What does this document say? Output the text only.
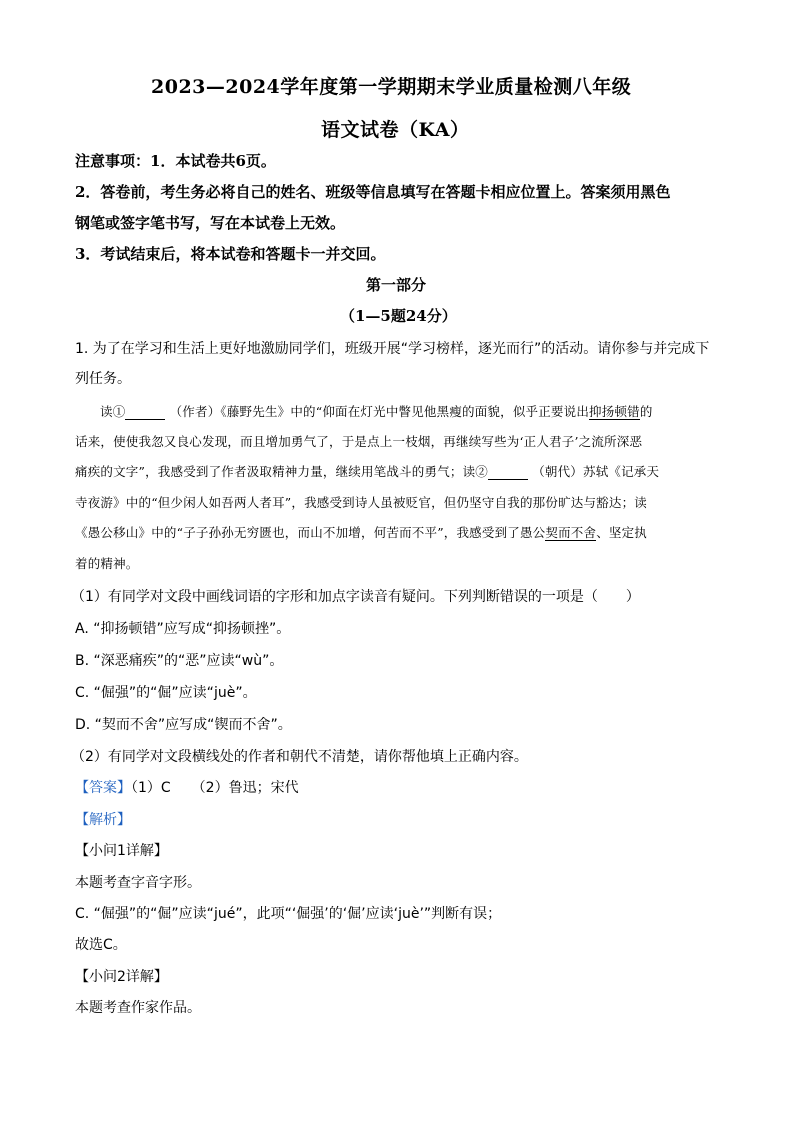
2023—2024学年度第一学期期末学业质量检测八年级
语文试卷（KA）
注意事项：1．本试卷共6页。
2．答卷前，考生务必将自己的姓名、班级等信息填写在答题卡相应位置上。答案须用黑色
钢笔或签字笔书写，写在本试卷上无效。
3．考试结束后，将本试卷和答题卡一并交回。
第一部分
（1—5题24分）
1. 为了在学习和生活上更好地激励同学们，班级开展“学习榜样，逐光而行”的活动。请你参与并完成下
列任务。
读①	（作者）《藤野先生》中的“仰面在灯光中瞥见他黑瘦的面貌，似乎正要说出抑扬顿错的
话来，使使我忽又良心发现，而且增加勇气了，于是点上一枝烟，再继续写些为‘正人君子’之流所深恶
痛疾的文字”，我感受到了作者汲取精神力量，继续用笔战斗的勇气；读②	（朝代）苏轼《记承天
寺夜游》中的“但少闲人如吾两人者耳”，我感受到诗人虽被贬官，但仍坚守自我的那份旷达与豁达；读
《愚公移山》中的“子子孙孙无穷匮也，而山不加增，何苦而不平”，我感受到了愚公契而不舍、坚定执
着的精神。
（1）有同学对文段中画线词语的字形和加点字读音有疑问。下列判断错误的一项是（　　）
A. “抑扬顿错”应写成“抑扬顿挫”。
B. “深恶痛疾”的“恶”应读“wù”。
C. “倔强”的“倔”应读“juè”。
D. “契而不舍”应写成“锲而不舍”。
（2）有同学对文段横线处的作者和朝代不清楚，请你帮他填上正确内容。
【答案】（1）C　　（2）鲁迅；宋代
【解析】
【小问1详解】
本题考查字音字形。
C. “倔强”的“倔”应读“jué”，此项“‘倔强’的‘倔’应读‘juè’”判断有误；
故选C。
【小问2详解】
本题考查作家作品。
